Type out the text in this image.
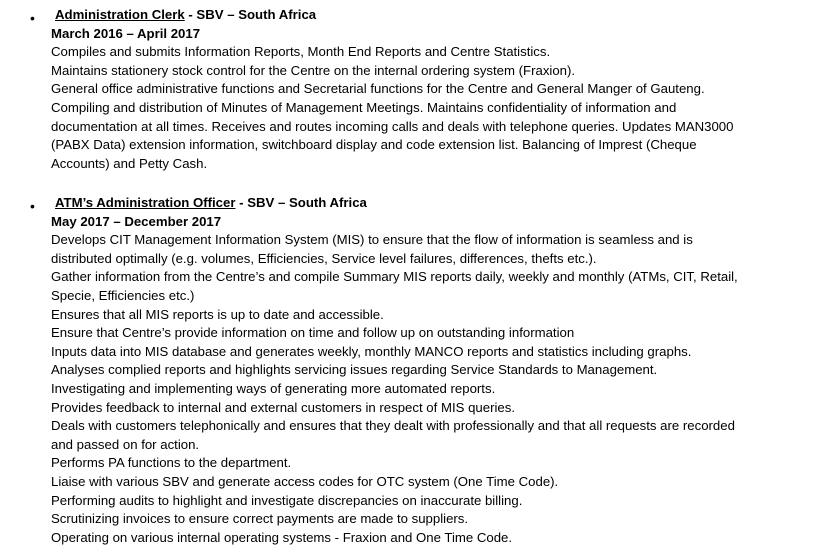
•	Administration Clerk - SBV – South Africa
March 2016 – April 2017
Compiles and submits Information Reports, Month End Reports and Centre Statistics.
Maintains stationery stock control for the Centre on the internal ordering system (Fraxion).
General office administrative functions and Secretarial functions for the Centre and General Manger of Gauteng.
Compiling and distribution of Minutes of Management Meetings. Maintains confidentiality of information and
documentation at all times. Receives and routes incoming calls and deals with telephone queries. Updates MAN3000
(PABX Data) extension information, switchboard display and code extension list. Balancing of Imprest (Cheque
Accounts) and Petty Cash.
•	ATM’s Administration Officer - SBV – South Africa
May 2017 – December 2017
Develops CIT Management Information System (MIS) to ensure that the flow of information is seamless and is
distributed optimally (e.g. volumes, Efficiencies, Service level failures, differences, thefts etc.).
Gather information from the Centre’s and compile Summary MIS reports daily, weekly and monthly (ATMs, CIT, Retail,
Specie, Efficiencies etc.)
Ensures that all MIS reports is up to date and accessible.
Ensure that Centre’s provide information on time and follow up on outstanding information
Inputs data into MIS database and generates weekly, monthly MANCO reports and statistics including graphs.
Analyses complied reports and highlights servicing issues regarding Service Standards to Management.
Investigating and implementing ways of generating more automated reports.
Provides feedback to internal and external customers in respect of MIS queries.
Deals with customers telephonically and ensures that they dealt with professionally and that all requests are recorded
and passed on for action.
Performs PA functions to the department.
Liaise with various SBV and generate access codes for OTC system (One Time Code).
Performing audits to highlight and investigate discrepancies on inaccurate billing.
Scrutinizing invoices to ensure correct payments are made to suppliers.
Operating on various internal operating systems - Fraxion and One Time Code.
